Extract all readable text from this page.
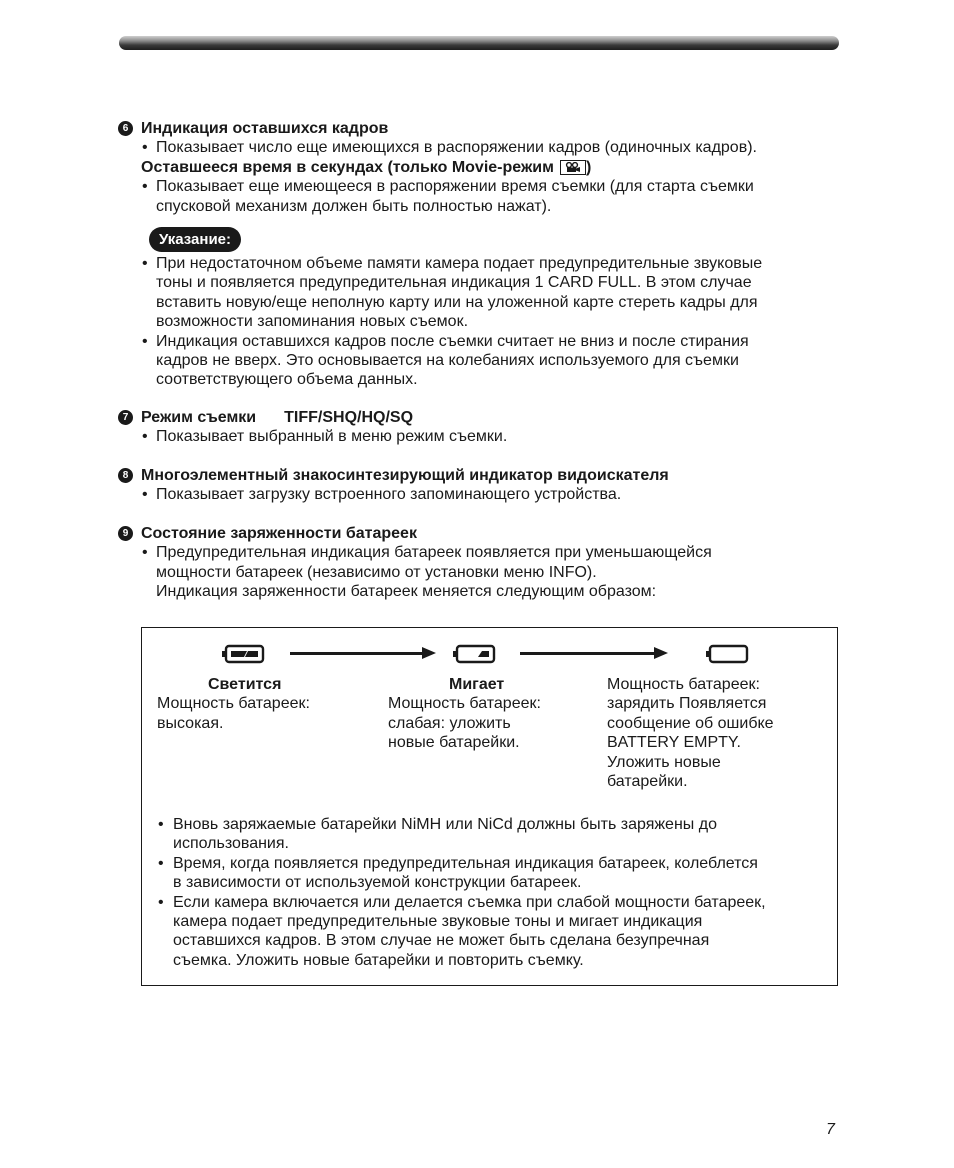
6 Индикация оставшихся кадров
• Показывает число еще имеющихся в распоряжении кадров (одиночных кадров).
Оставшееся время в секундах (только Movie-режим )
• Показывает еще имеющееся в распоряжении время съемки (для старта съемки
спусковой механизм должен быть полностью нажат).
Указание:
• При недостаточном объеме памяти камера подает предупредительные звуковые
тоны и появляется предупредительная индикация 1 CARD FULL. В этом случае
вставить новую/еще неполную карту или на уложенной карте стереть кадры для
возможности запоминания новых съемок.
• Индикация оставшихся кадров после съемки считает не вниз и после стирания
кадров не вверх. Это основывается на колебаниях используемого для съемки
соответствующего объема данных.
7 Режим съемки TIFF/SHQ/HQ/SQ
• Показывает выбранный в меню режим съемки.
8 Многоэлементный знакосинтезирующий индикатор видоискателя
• Показывает загрузку встроенного запоминающего устройства.
9 Состояние заряженности батареек
• Предупредительная индикация батареек появляется при уменьшающейся
мощности батареек (независимо от установки меню INFO).
Индикация заряженности батареек меняется следующим образом:
Светится
Мощность батареек:
высокая.
Мигает
Мощность батареек:
слабая: уложить
новые батарейки.
Мощность батареек:
зарядить Появляется
сообщение об ошибке
BATTERY EMPTY.
Уложить новые
батарейки.
• Вновь заряжаемые батарейки NiMH или NiCd должны быть заряжены до
использования.
• Время, когда появляется предупредительная индикация батареек, колеблется
в зависимости от используемой конструкции батареек.
• Если камера включается или делается съемка при слабой мощности батареек,
камера подает предупредительные звуковые тоны и мигает индикация
оставшихся кадров. В этом случае не может быть сделана безупречная
съемка. Уложить новые батарейки и повторить съемку.
7
